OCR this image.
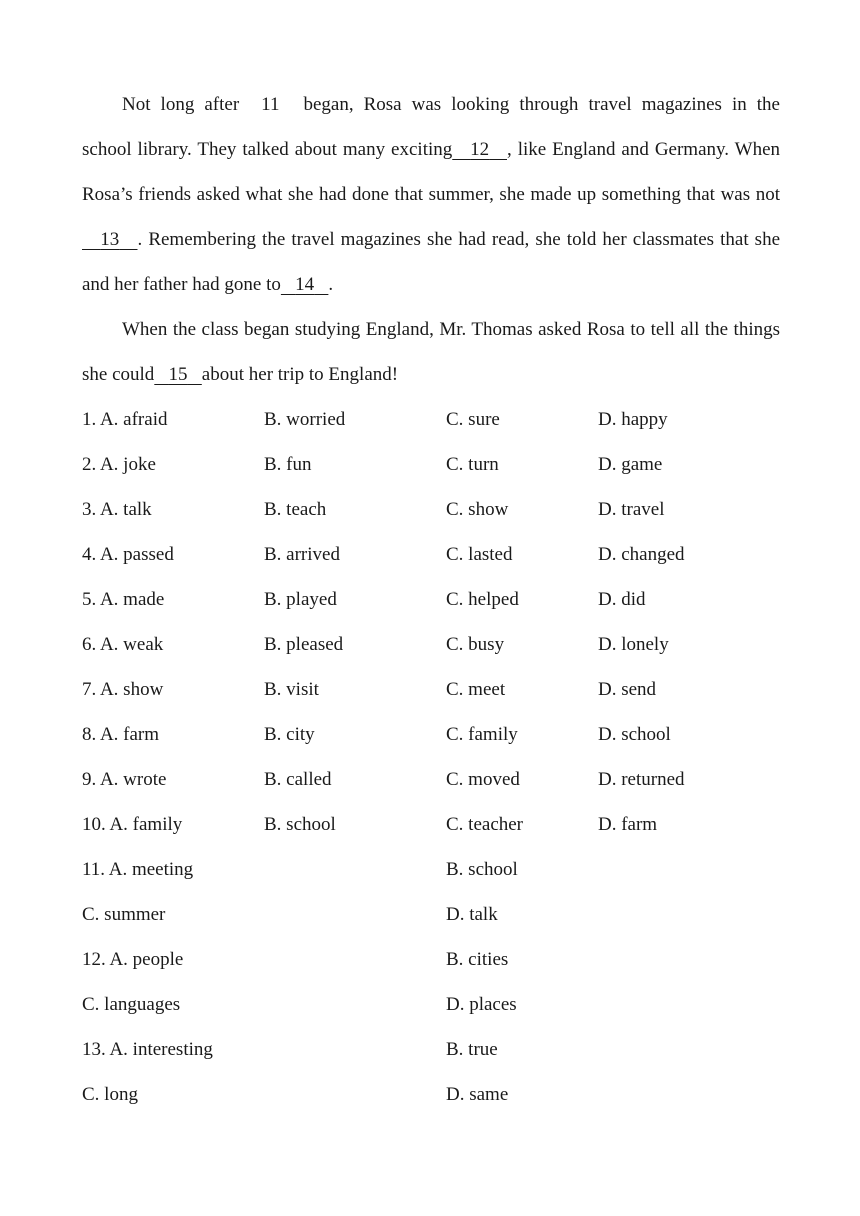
Not long after 11 began, Rosa was looking through travel magazines in the school library. They talked about many exciting 12 , like England and Germany. When Rosa’s friends asked what she had done that summer, she made up something that was not   13 . Remembering the travel magazines she had read, she told her classmates that she and her father had gone to 14 .

When the class began studying England, Mr. Thomas asked Rosa to tell all the things she could 15 about her trip to England!

1. A. afraid	B. worried	C. sure	D. happy
2. A. joke	B. fun	C. turn	D. game
3. A. talk	B. teach	C. show	D. travel
4. A. passed	B. arrived	C. lasted	D. changed
5. A. made	B. played	C. helped	D. did
6. A. weak	B. pleased	C. busy	D. lonely
7. A. show	B. visit	C. meet	D. send
8. A. farm	B. city	C. family	D. school
9. A. wrote	B. called	C. moved	D. returned
10. A. family	B. school	C. teacher	D. farm
11. A. meeting	B. school
C. summer	D. talk
12. A. people	B. cities
C. languages	D. places
13. A. interesting	B. true
C. long	D. same
